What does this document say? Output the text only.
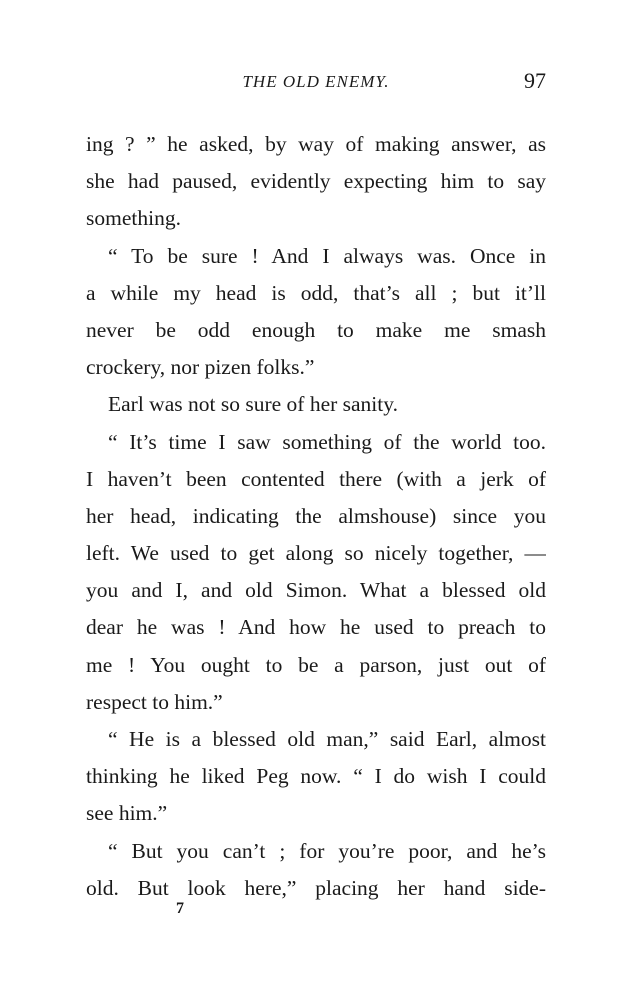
THE OLD ENEMY.	97
ing ? ” he asked, by way of making answer, as
she had paused, evidently expecting him to say
something.
“ To be sure ! And I always was. Once in
a while my head is odd, that’s all ; but it’ll
never be odd enough to make me smash
crockery, nor pizen folks.”
Earl was not so sure of her sanity.
“ It’s time I saw something of the world too.
I haven’t been contented there (with a jerk of
her head, indicating the almshouse) since you
left. We used to get along so nicely together, —
you and I, and old Simon. What a blessed old
dear he was ! And how he used to preach to
me ! You ought to be a parson, just out of
respect to him.”
“ He is a blessed old man,” said Earl, almost
thinking he liked Peg now. “ I do wish I could
see him.”
“ But you can’t ; for you’re poor, and he’s
old. But look here,” placing her hand side-
7
